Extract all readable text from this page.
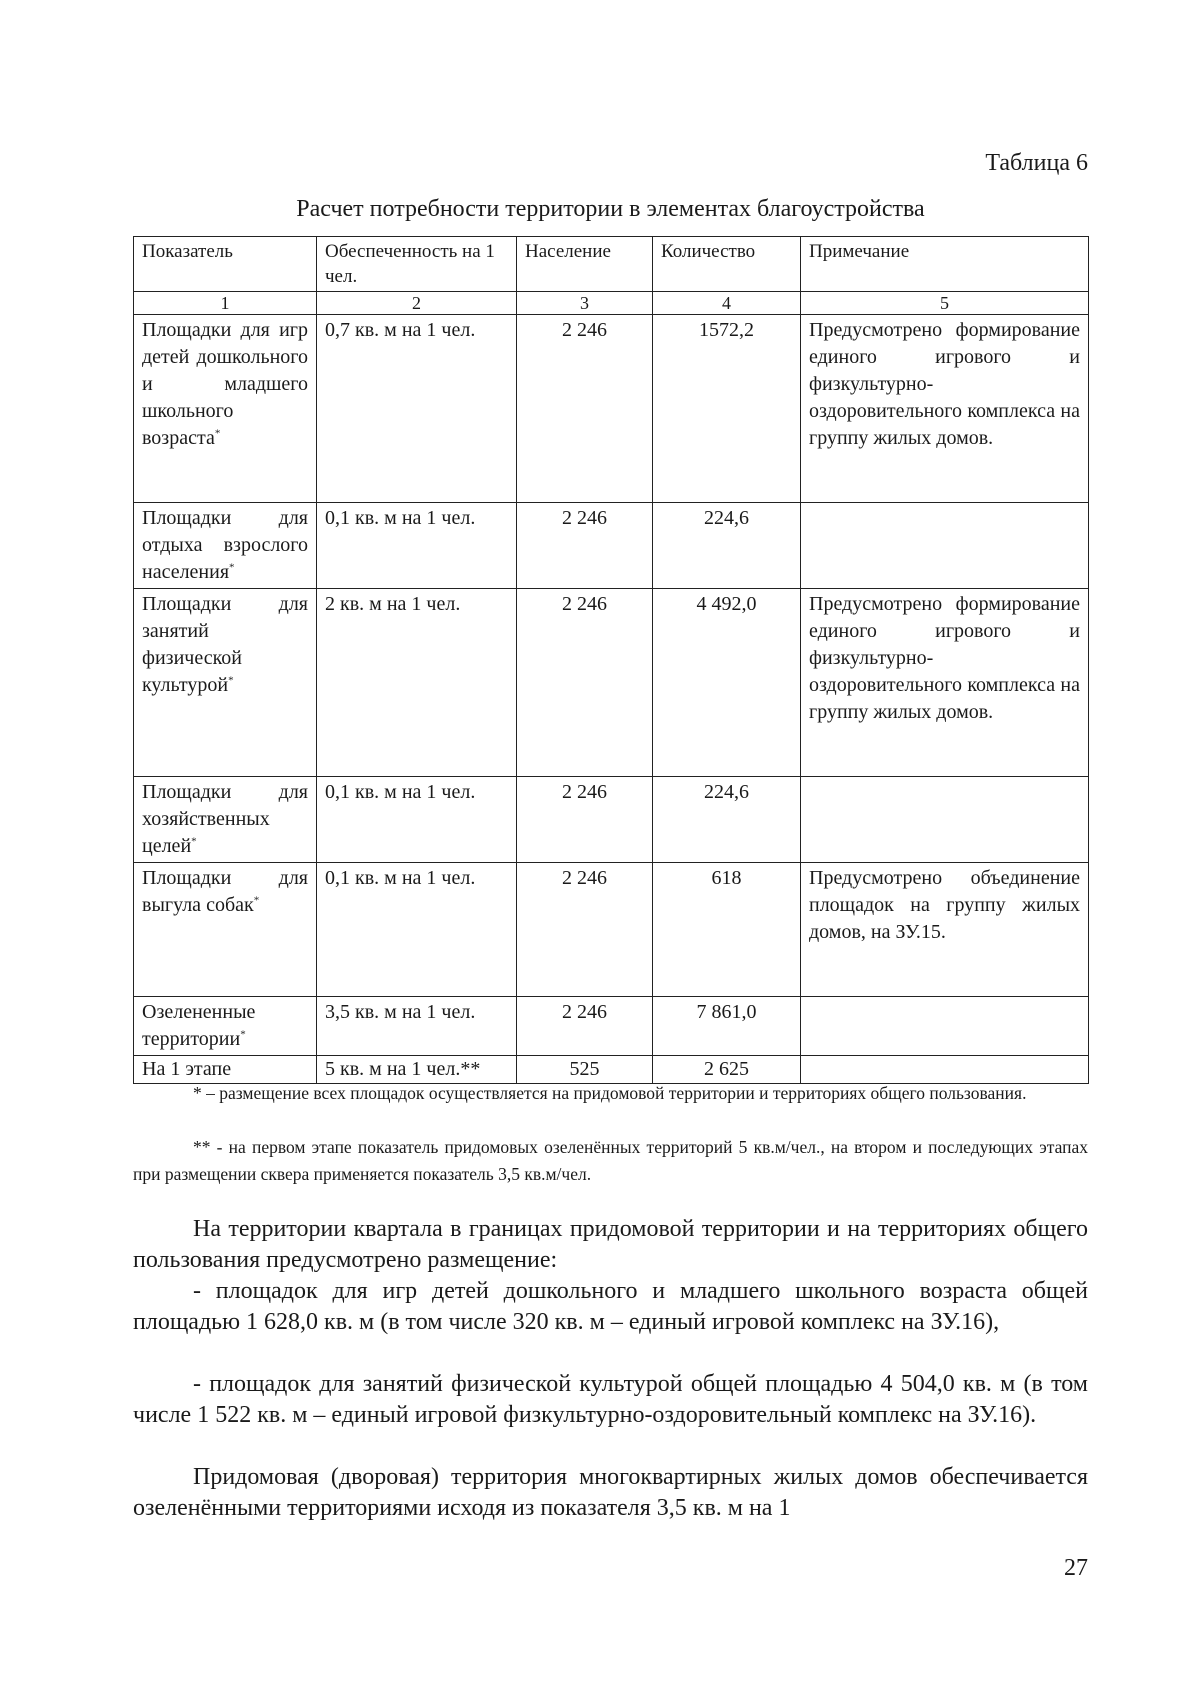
Таблица 6
Расчет потребности территории в элементах благоустройства
Показатель	Обеспеченность на 1 чел.	Население	Количество	Примечание
1	2	3	4	5
Площадки для игр детей дошкольного и младшего школьного возраста*	0,7 кв. м на 1 чел.	2 246	1572,2	Предусмотрено формирование единого игрового и физкультурно-оздоровительного комплекса на группу жилых домов.
Площадки для отдыха взрослого населения*	0,1 кв. м на 1 чел.	2 246	224,6	
Площадки для занятий физической культурой*	2 кв. м на 1 чел.	2 246	4 492,0	Предусмотрено формирование единого игрового и физкультурно-оздоровительного комплекса на группу жилых домов.
Площадки для хозяйственных целей*	0,1 кв. м на 1 чел.	2 246	224,6	
Площадки для выгула собак*	0,1 кв. м на 1 чел.	2 246	618	Предусмотрено объединение площадок на группу жилых домов, на ЗУ.15.
Озелененные территории*	3,5 кв. м на 1 чел.	2 246	7 861,0	
На 1 этапе	5 кв. м на 1 чел.**	525	2 625	
* – размещение всех площадок осуществляется на придомовой территории и территориях общего пользования.
** - на первом этапе показатель придомовых озеленённых территорий 5 кв.м/чел., на втором и последующих этапах при размещении сквера применяется показатель 3,5 кв.м/чел.
На территории квартала в границах придомовой территории и на территориях общего пользования предусмотрено размещение:
- площадок для игр детей дошкольного и младшего школьного возраста общей площадью 1 628,0 кв. м (в том числе 320 кв. м – единый игровой комплекс на ЗУ.16),
- площадок для занятий физической культурой общей площадью 4 504,0 кв. м (в том числе 1 522 кв. м – единый игровой физкультурно-оздоровительный комплекс на ЗУ.16).
Придомовая (дворовая) территория многоквартирных жилых домов обеспечивается озеленёнными территориями исходя из показателя 3,5 кв. м на 1
27
